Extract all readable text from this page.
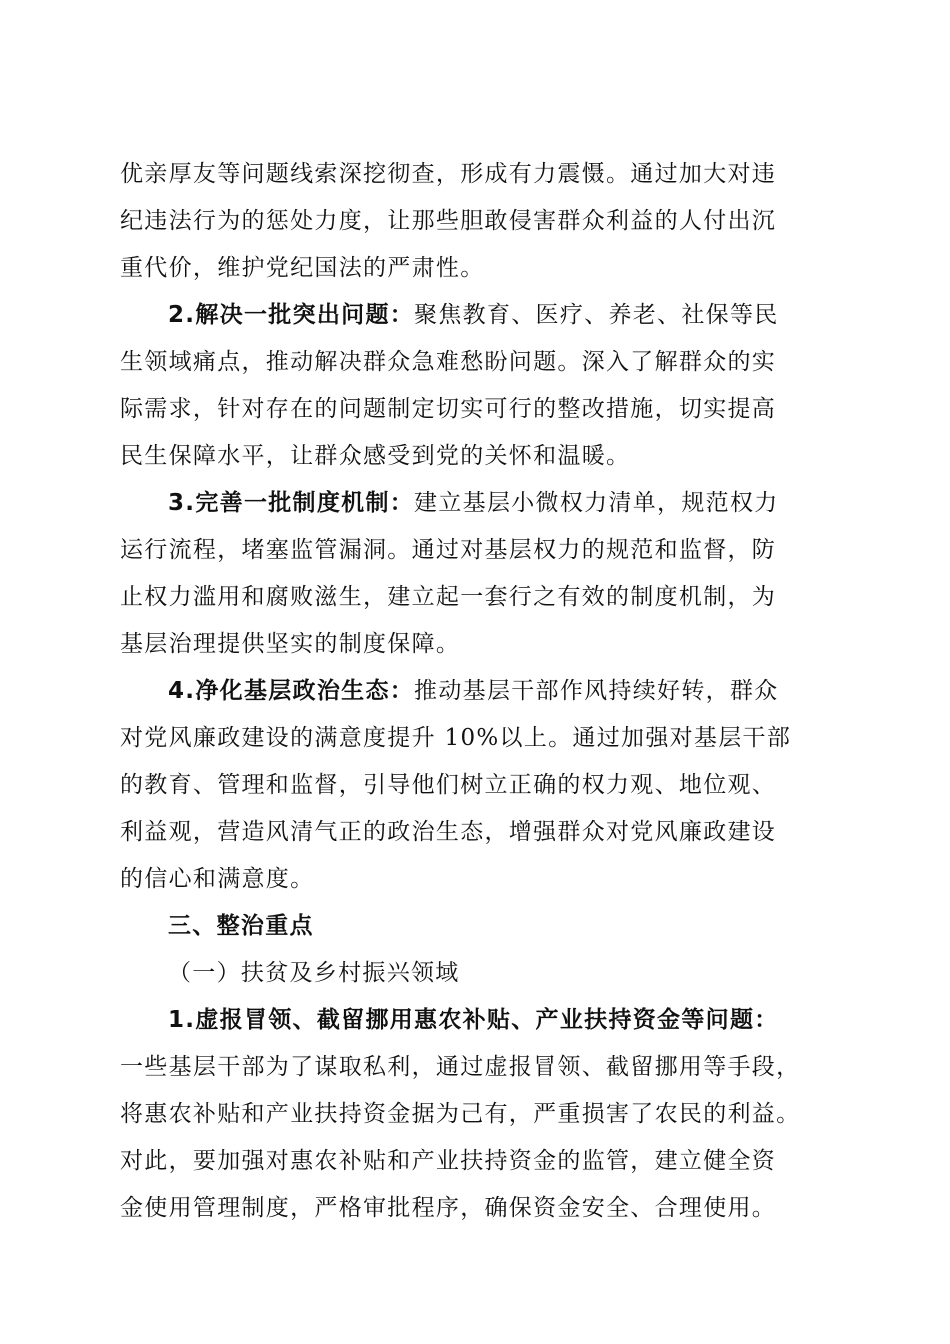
优亲厚友等问题线索深挖彻查，形成有力震慑。通过加大对违
纪违法行为的惩处力度，让那些胆敢侵害群众利益的人付出沉
重代价，维护党纪国法的严肃性。
2.解决一批突出问题：聚焦教育、医疗、养老、社保等民
生领域痛点，推动解决群众急难愁盼问题。深入了解群众的实
际需求，针对存在的问题制定切实可行的整改措施，切实提高
民生保障水平，让群众感受到党的关怀和温暖。
3.完善一批制度机制：建立基层小微权力清单，规范权力
运行流程，堵塞监管漏洞。通过对基层权力的规范和监督，防
止权力滥用和腐败滋生，建立起一套行之有效的制度机制，为
基层治理提供坚实的制度保障。
4.净化基层政治生态：推动基层干部作风持续好转，群众
对党风廉政建设的满意度提升 10%以上。通过加强对基层干部
的教育、管理和监督，引导他们树立正确的权力观、地位观、
利益观，营造风清气正的政治生态，增强群众对党风廉政建设
的信心和满意度。
三、整治重点
（一）扶贫及乡村振兴领域
1.虚报冒领、截留挪用惠农补贴、产业扶持资金等问题：
一些基层干部为了谋取私利，通过虚报冒领、截留挪用等手段，
将惠农补贴和产业扶持资金据为己有，严重损害了农民的利益。
对此，要加强对惠农补贴和产业扶持资金的监管，建立健全资
金使用管理制度，严格审批程序，确保资金安全、合理使用。
